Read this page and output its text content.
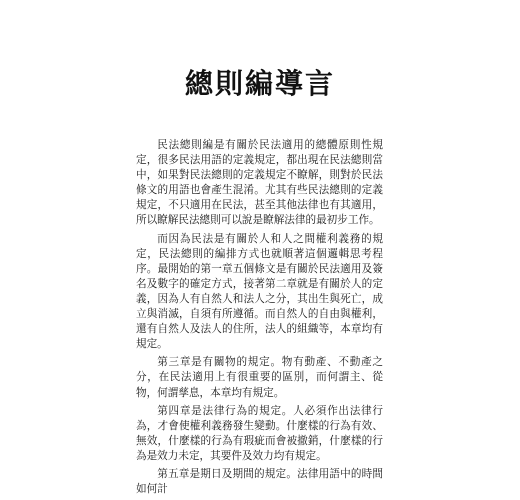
總則編導言

民法總則編是有關於民法適用的總體原則性規定，很多民法用語的定義規定，都出現在民法總則當中，如果對民法總則的定義規定不瞭解，則對於民法條文的用語也會產生混淆。尤其有些民法總則的定義規定，不只適用在民法，甚至其他法律也有其適用，所以瞭解民法總則可以說是瞭解法律的最初步工作。

而因為民法是有關於人和人之間權利義務的規定，民法總則的編排方式也就順著這個邏輯思考程序。最開始的第一章五個條文是有關於民法適用及簽名及數字的確定方式，接著第二章就是有關於人的定義，因為人有自然人和法人之分，其出生與死亡，成立與消滅，自須有所遵循。而自然人的自由與權利，還有自然人及法人的住所，法人的組織等，本章均有規定。

第三章是有關物的規定。物有動產、不動產之分，在民法適用上有很重要的區別，而何謂主、從物，何謂孳息，本章均有規定。

第四章是法律行為的規定。人必須作出法律行為，才會使權利義務發生變動。什麼樣的行為有效、無效，什麼樣的行為有瑕疵而會被撤銷，什麼樣的行為是效力未定，其要件及效力均有規定。

第五章是期日及期間的規定。法律用語中的時間如何計
